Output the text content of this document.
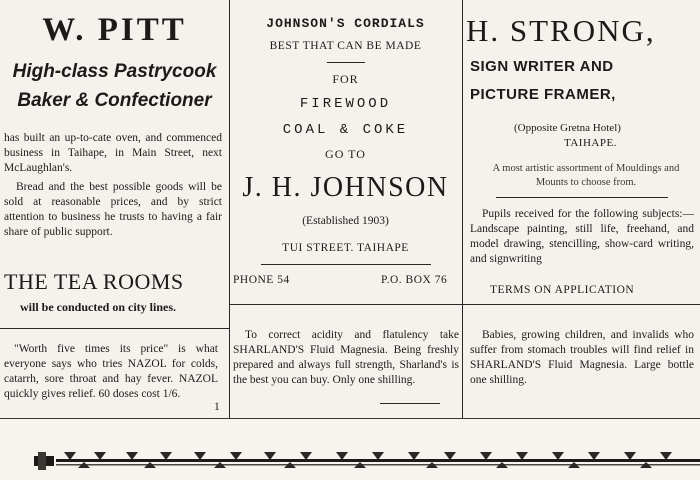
W. PITT
High-class Pastrycook
Baker & Confectioner

has built an up-to-cate oven, and commenced business in Taihape, in Main Street, next McLaughlan's.

Bread and the best possible goods will be sold at reasonable prices, and by strict attention to business he trusts to having a fair share of public support.

THE TEA ROOMS
will be conducted on city lines.

"Worth five times its price" is what everyone says who tries NAZOL for colds, catarrh, sore throat and hay fever. NAZOL quickly gives relief. 60 doses cost 1/6.

1
JOHNSON'S CORDIALS
BEST THAT CAN BE MADE
FOR
FIREWOOD
COAL & COKE
GO TO
J. H. JOHNSON
(Established 1903)
TUI STREET. TAIHAPE
PHONE 54	P.O. BOX 76

To correct acidity and flatulency take SHARLAND'S Fluid Magnesia. Being freshly prepared and always full strength, Sharland's is the best you can buy. Only one shilling.

H. STRONG,
SIGN WRITER AND
PICTURE FRAMER,
(Opposite Gretna Hotel)
TAIHAPE.

A most artistic assortment of Mouldings and Mounts to choose from.

Pupils received for the following subjects:—Landscape painting, still life, freehand, and model drawing, stencilling, show-card writing, and signwriting

TERMS ON APPLICATION

Babies, growing children, and invalids who suffer from stomach troubles will find relief in SHARLAND'S Fluid Magnesia. Large bottle one shilling.
